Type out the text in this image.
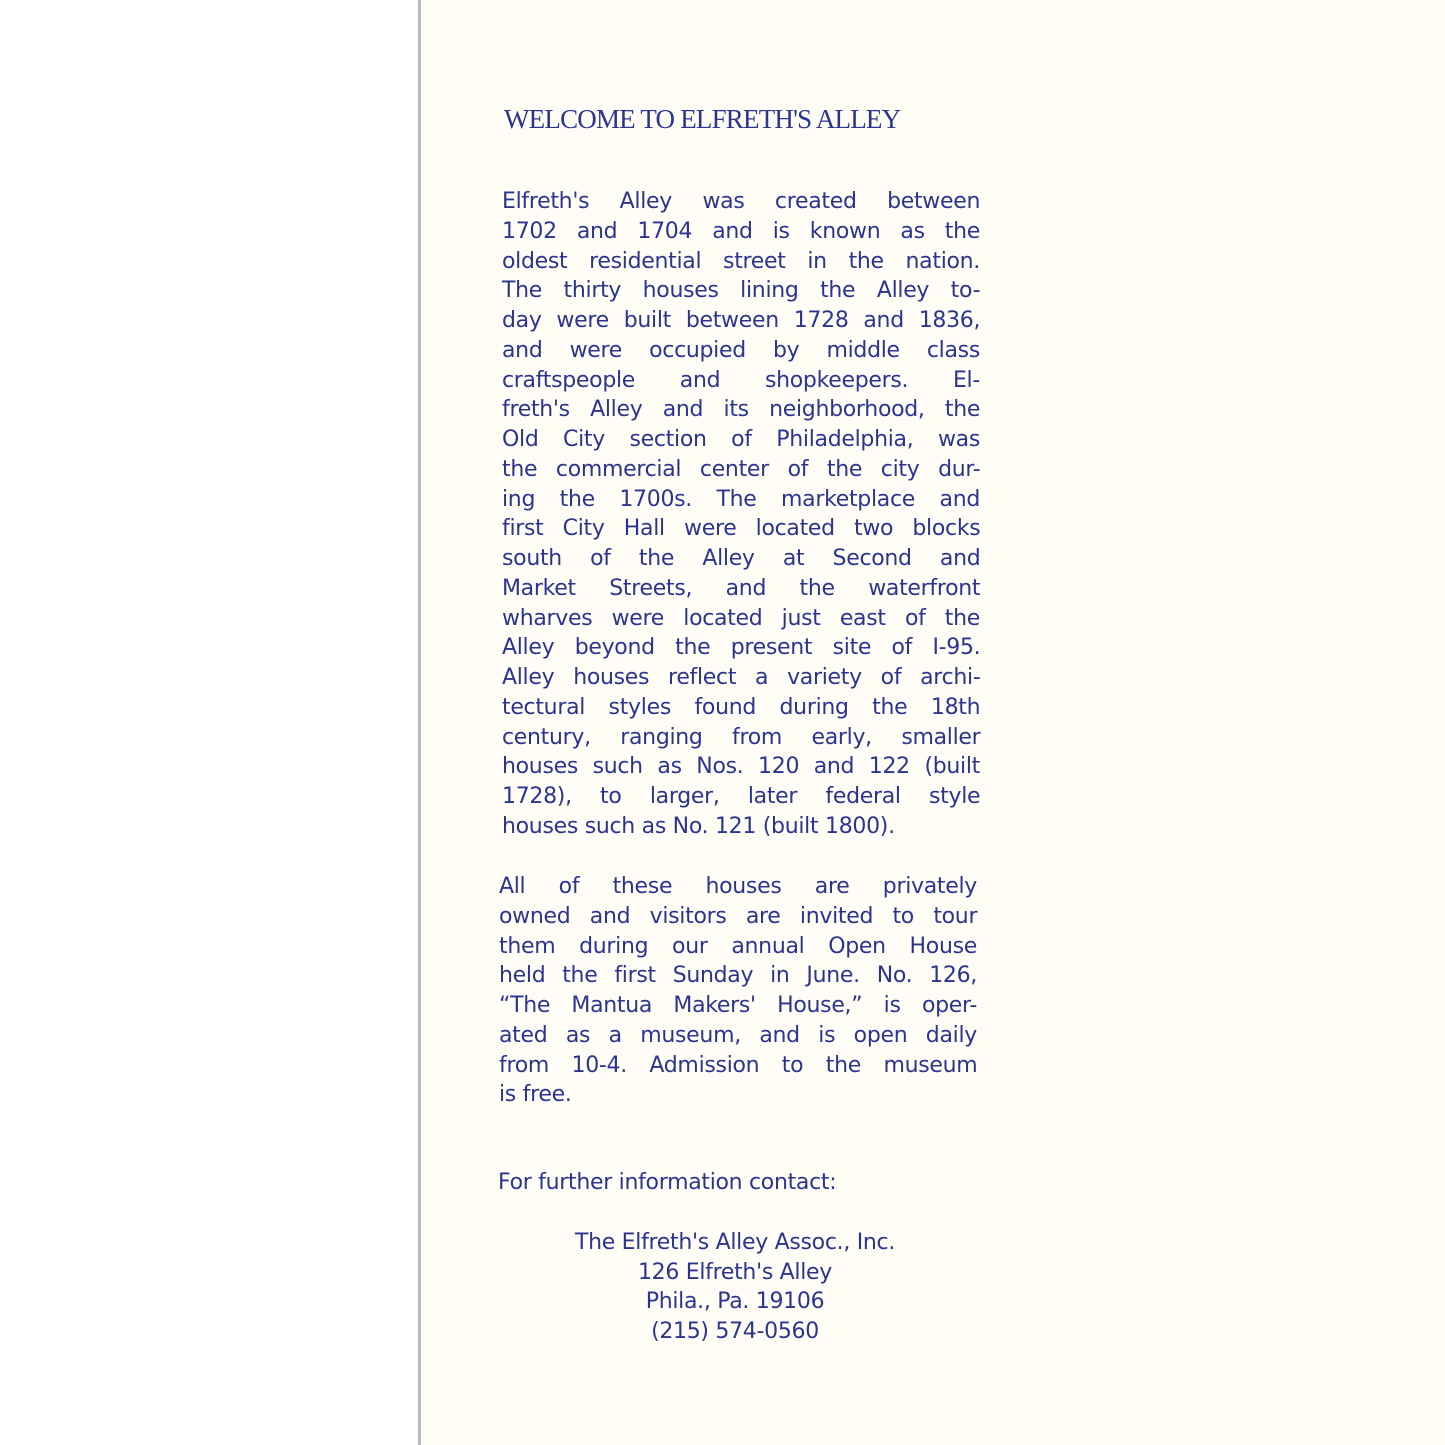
WELCOME TO ELFRETH'S ALLEY
Elfreth's Alley was created between
1702 and 1704 and is known as the
oldest residential street in the nation.
The thirty houses lining the Alley to-
day were built between 1728 and 1836,
and were occupied by middle class
craftspeople and shopkeepers. El-
freth's Alley and its neighborhood, the
Old City section of Philadelphia, was
the commercial center of the city dur-
ing the 1700s. The marketplace and
first City Hall were located two blocks
south of the Alley at Second and
Market Streets, and the waterfront
wharves were located just east of the
Alley beyond the present site of I-95.
Alley houses reflect a variety of archi-
tectural styles found during the 18th
century, ranging from early, smaller
houses such as Nos. 120 and 122 (built
1728), to larger, later federal style
houses such as No. 121 (built 1800).
All of these houses are privately
owned and visitors are invited to tour
them during our annual Open House
held the first Sunday in June. No. 126,
“The Mantua Makers' House,” is oper-
ated as a museum, and is open daily
from 10-4. Admission to the museum
is free.
For further information contact:
The Elfreth's Alley Assoc., Inc.
126 Elfreth's Alley
Phila., Pa. 19106
(215) 574-0560
